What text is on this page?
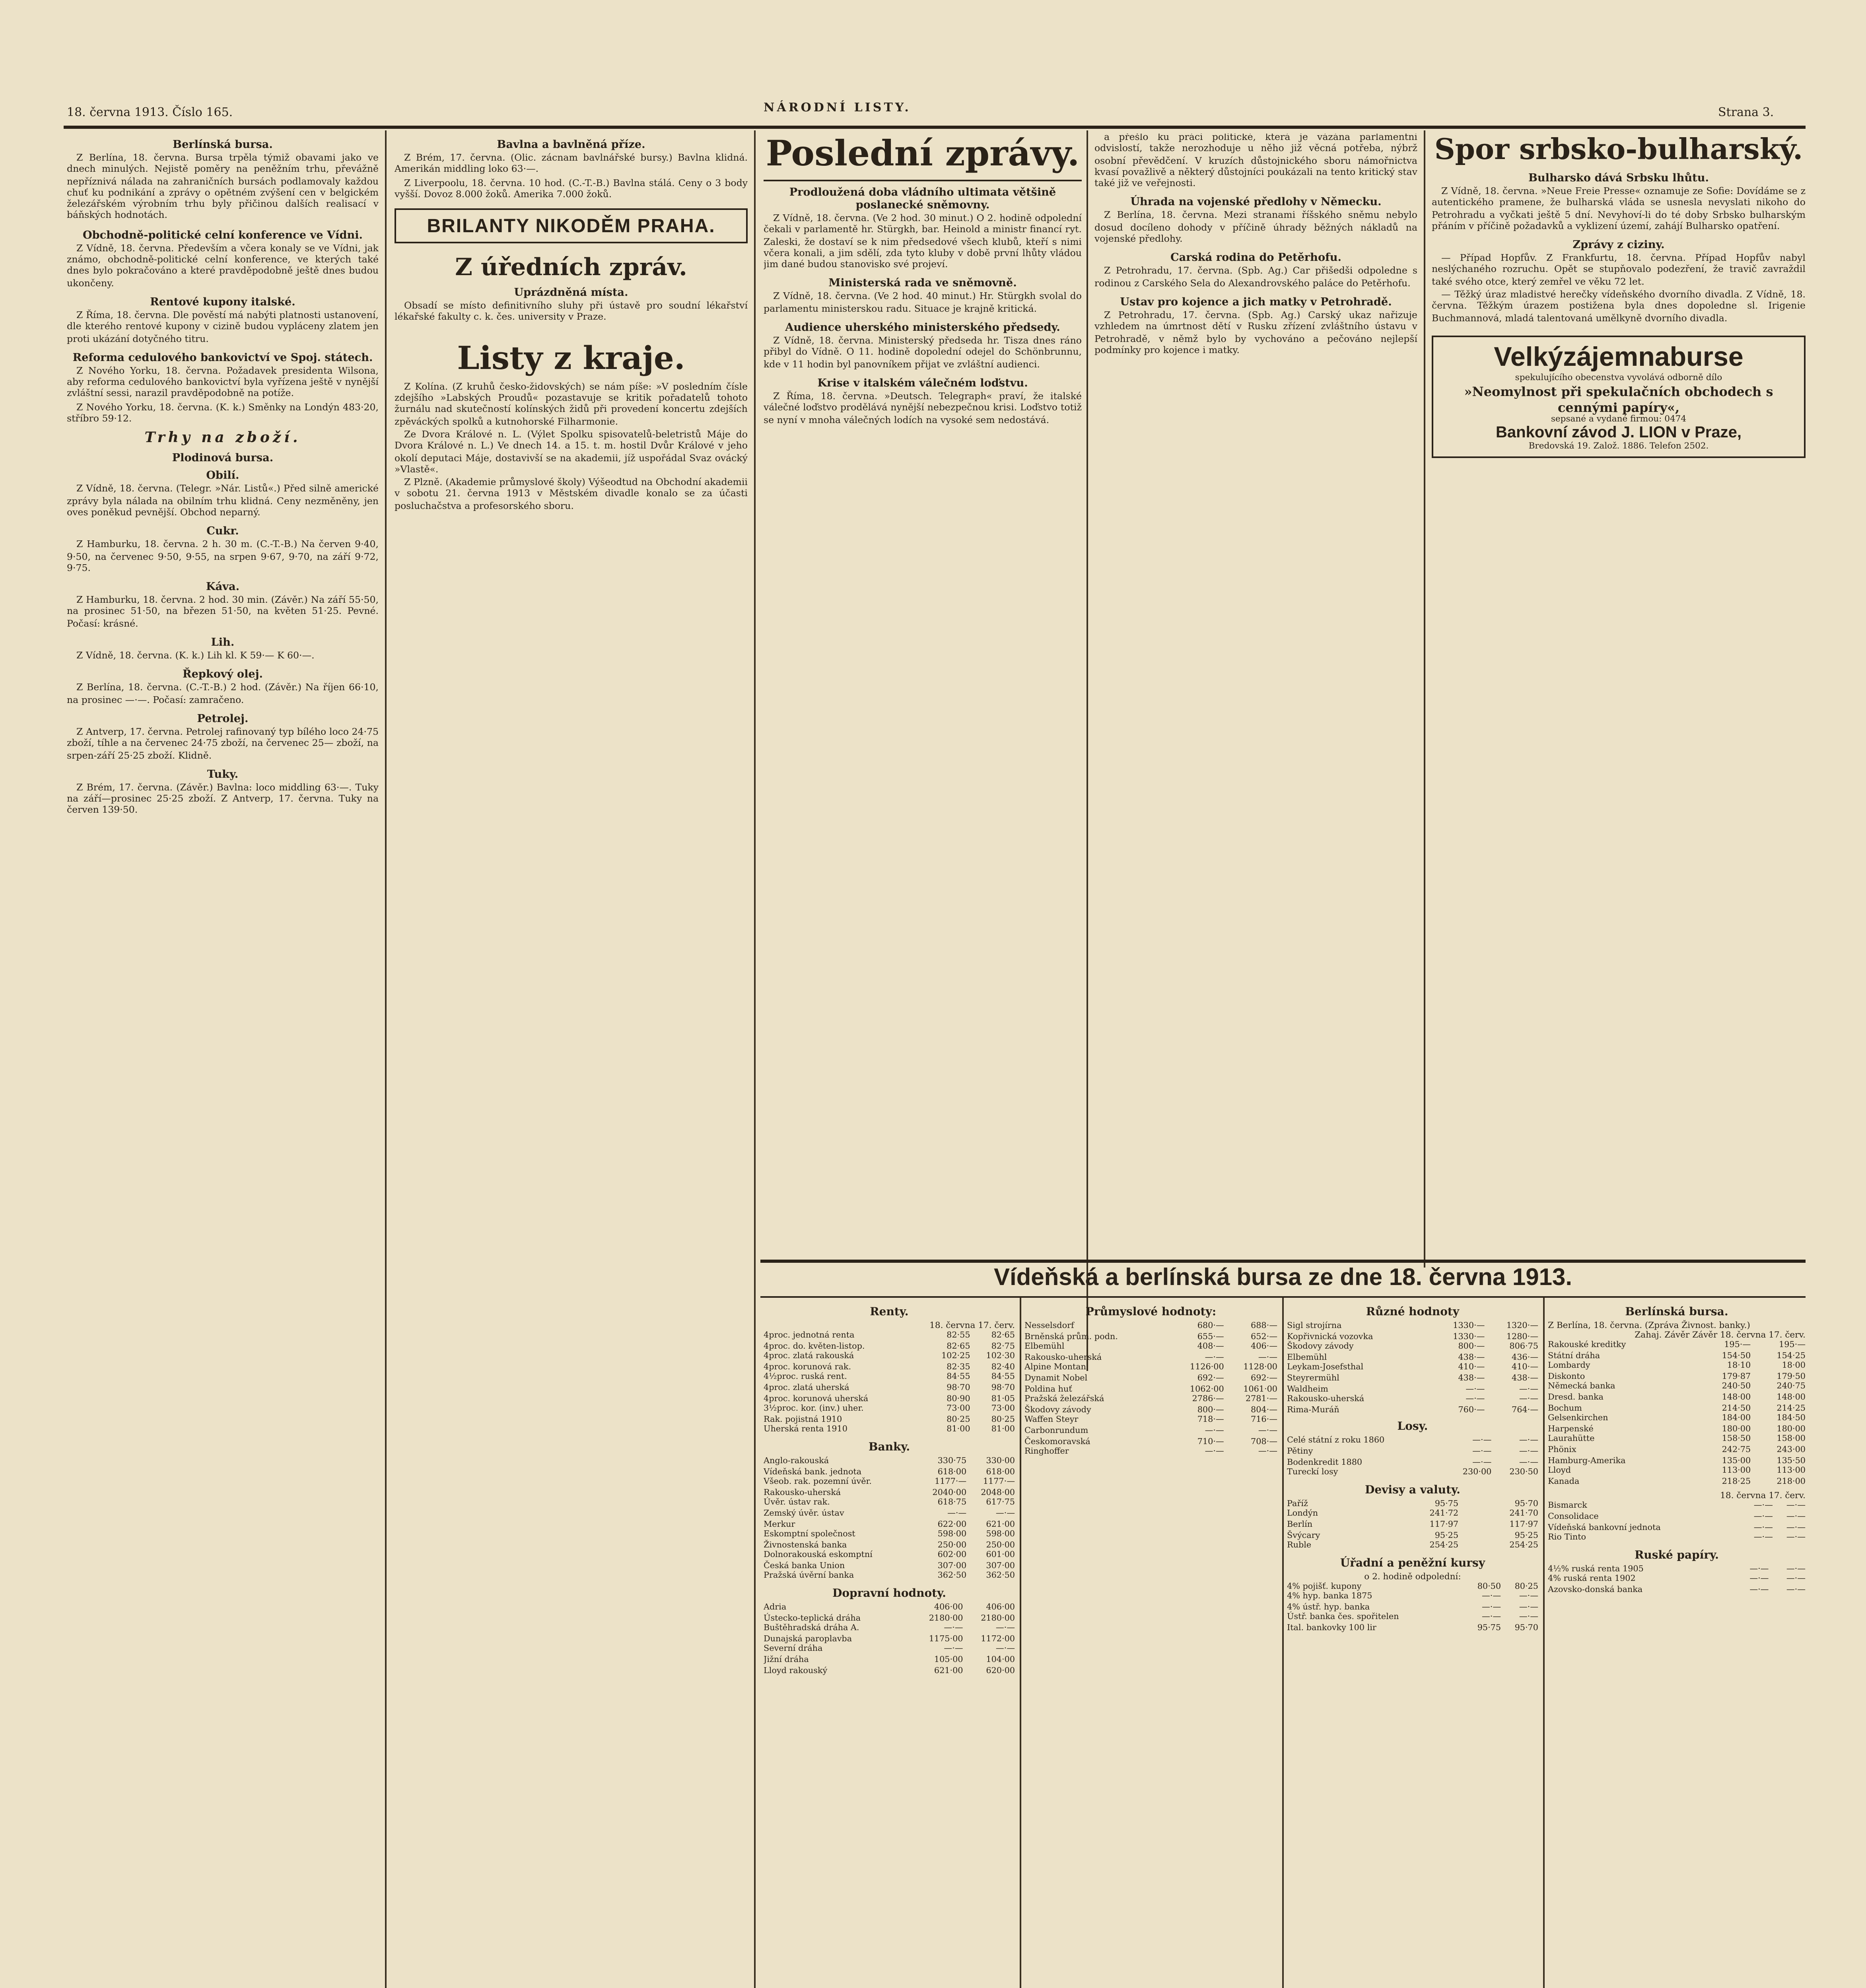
18. června 1913. Číslo 165.	NÁRODNÍ LISTY.	Strana 3.
Berlínská bursa.

Z Berlína, 18. června. Bursa trpěla týmiž obavami jako ve dnech minulých. Nejistě poměry na peněžním trhu, převážně nepříznivá nálada na zahraničních bursách podlamovaly každou chuť ku podnikání a zprávy o opětném zvýšení cen v belgickém železářském výrobním trhu byly přičinou dalších realisací v báňských hodnotách.

Obchodně-politické celní konference ve Vídni.

Z Vídně, 18. června. Především a včera konaly se ve Vídni, jak známo, obchodně-politické celní konference, ve kterých také dnes bylo pokračováno a které pravděpodobně ještě dnes budou ukončeny.

Rentové kupony italské.

Z Říma, 18. června. Dle pověstí má nabýti platnosti ustanovení, dle kterého rentové kupony v cizině budou vypláceny zlatem jen proti ukázání dotyčného titru.

Reforma cedulového bankovictví ve Spoj. státech.

Z Nového Yorku, 18. června. Požadavek presidenta Wilsona, aby reforma cedulového bankovictví byla vyřízena ještě v nynější zvláštní sessi, narazil pravděpodobně na potíže.

Z Nového Yorku, 18. června. (K. k.) Směnky na Londýn 483·20, stříbro 59·12.

Trhy na zboží.
Plodinová bursa.
Obilí.

Z Vídně, 18. června. (Telegr. »Nár. Listů«.) Před silně americké zprávy byla nálada na obilním trhu klidná. Ceny nezměněny, jen oves poněkud pevnější. Obchod neparný.

Cukr.

Z Hamburku, 18. června. 2 h. 30 m. (C.-T.-B.) Na červen 9·40, 9·50, na červenec 9·50, 9·55, na srpen 9·67, 9·70, na září 9·72, 9·75.

Káva.

Z Hamburku, 18. června. 2 hod. 30 min. (Závěr.) Na září 55·50, na prosinec 51·50, na březen 51·50, na květen 51·25. Pevné. Počasí: krásné.

Lih.

Z Vídně, 18. června. (K. k.) Lih kl. K 59·— K 60·—.

Řepkový olej.

Z Berlína, 18. června. (C.-T.-B.) 2 hod. (Závěr.) Na říjen 66·10, na prosinec —·—. Počasí: zamračeno.

Petrolej.

Z Antverp, 17. června. Petrolej rafinovaný typ bílého loco 24·75 zboží, tíhle a na červenec 24·75 zboží, na červenec 25— zboží, na srpen-září 25·25 zboží. Klidně.

Tuky.

Z Brém, 17. června. (Závěr.) Bavlna: loco middling 63·—. Tuky na září—prosinec 25·25 zboží. Z Antverp, 17. června. Tuky na červen 139·50.

Bavlna a bavlněná příze.

Z Brém, 17. června. (Olic. zácnam bavlnářské bursy.) Bavlna klidná. Amerikán middling loko 63·—.

Z Liverpoolu, 18. června. 10 hod. (C.-T.-B.) Bavlna stálá. Ceny o 3 body vyšší. Dovoz 8.000 žoků. Amerika 7.000 žoků.

BRILANTY NIKODĚM PRAHA.
Z úředních zpráv.
Uprázdněná místa.

Obsadí se místo definitivního sluhy při ústavě pro soudní lékařství lékařské fakulty c. k. čes. university v Praze.

Listy z kraje.

Z Kolína. (Z kruhů česko-židovských) se nám píše: »V posledním čísle zdejšího »Labských Proudů« pozastavuje se kritik pořadatelů tohoto žurnálu nad skutečností kolínských židů při provedení koncertu zdejších zpěváckých spolků a kutnohorské Filharmonie.

Ze Dvora Králové n. L. (Výlet Spolku spisovatelů-beletristů Máje do Dvora Králové n. L.) Ve dnech 14. a 15. t. m. hostil Dvůr Králové v jeho okolí deputaci Máje, dostavivší se na akademii, jíž uspořádal Svaz ovácký »Vlastě«.

Z Plzně. (Akademie průmyslové školy) Výšeodtud na Obchodní akademii v sobotu 21. června 1913 v Městském divadle konalo se za účasti posluchačstva a profesorského sboru.

Poslední zprávy.
Prodloužená doba vládního ultimata většině poslanecké sněmovny.

Z Vídně, 18. června. (Ve 2 hod. 30 minut.) O 2. hodině odpolední čekali v parlamentě hr. Stürgkh, bar. Heinold a ministr financí ryt. Zaleski, že dostaví se k nim předsedové všech klubů, kteří s nimi včera konali, a jim sdělí, zda tyto kluby v době první lhůty vládou jim dané budou stanovisko své projeví.

Ministerská rada ve sněmovně.

Z Vídně, 18. června. (Ve 2 hod. 40 minut.) Hr. Stürgkh svolal do parlamentu ministerskou radu. Situace je krajně kritická.

Audience uherského ministerského předsedy.

Z Vídně, 18. června. Ministerský předseda hr. Tisza dnes ráno přibyl do Vídně. O 11. hodině dopolední odejel do Schönbrunnu, kde v 11 hodin byl panovníkem přijat ve zvláštní audienci.

Krise v italském válečném loďstvu.

Z Říma, 18. června. »Deutsch. Telegraph« praví, že italské válečné loďstvo prodělává nynější nebezpečnou krisi. Loďstvo totiž se nyní v mnoha válečných lodích na vysoké sem nedostává.

a přešlo ku práci politické, která je vázána parlamentní odvislostí, takže nerozhoduje u něho již věcná potřeba, nýbrž osobní převědčení. V kruzích důstojnického sboru námořnictva kvasí považlivě a některý důstojníci poukázali na tento kritický stav také již ve veřejnosti.

Úhrada na vojenské předlohy v Německu.

Z Berlína, 18. června. Mezi stranami říšského sněmu nebylo dosud docíleno dohody v příčině úhrady běžných nákladů na vojenské předlohy.

Carská rodina do Petěrhofu.

Z Petrohradu, 17. června. (Spb. Ag.) Car přišedši odpoledne s rodinou z Carského Sela do Alexandrovského paláce do Petěrhofu.

Ustav pro kojence a jich matky v Petrohradě.

Z Petrohradu, 17. června. (Spb. Ag.) Carský ukaz nařizuje vzhledem na úmrtnost dětí v Rusku zřízení zvláštního ústavu v Petrohradě, v němž bylo by vychováno a pečováno nejlepší podmínky pro kojence i matky.

Spor srbsko-bulharský.
Bulharsko dává Srbsku lhůtu.

Z Vídně, 18. června. »Neue Freie Presse« oznamuje ze Sofie: Dovídáme se z autentického pramene, že bulharská vláda se usnesla nevyslati nikoho do Petrohradu a vyčkati ještě 5 dní. Nevyhoví-li do té doby Srbsko bulharským přáním v příčině požadavků a vyklizení území, zahájí Bulharsko opatření.

Zprávy z ciziny.

— Případ Hopfův. Z Frankfurtu, 18. června. Případ Hopfův nabyl neslýchaného rozruchu. Opět se stupňovalo podezření, že travič zavraždil také svého otce, který zemřel ve věku 72 let.

— Těžký úraz mladistvé herečky vídeňského dvorního divadla. Z Vídně, 18. června. Těžkým úrazem postižena byla dnes dopoledne sl. Irigenie Buchmannová, mladá talentovaná umělkyně dvorního divadla.

Velkýzájemnaburse
spekulujícího obecenstva vyvolává odborně dílo
»Neomylnost při spekulačních obchodech s cennými papíry«,
sepsané a vydané firmou: 0474
Bankovní závod J. LION v Praze,
Bredovská 19. Založ. 1886. Telefon 2502.
Vídeňská a berlínská bursa ze dne 18. června 1913.
Renty.
18. června 17. červ.
4proc. jednotná renta	82·55	82·65
4proc. do. květen-listop.	82·65	82·75
4proc. zlatá rakouská	102·25	102·30
4proc. korunová rak.	82·35	82·40
4½proc. ruská rent.	84·55	84·55
4proc. zlatá uherská	98·70	98·70
4proc. korunová uherská	80·90	81·05
3½proc. kor. (inv.) uher.	73·00	73·00
Rak. pojistná 1910	80·25	80·25
Uherská renta 1910	81·00	81·00
Banky.
Anglo-rakouská	330·75	330·00
Vídeňská bank. jednota	618·00	618·00
Všeob. rak. pozemní úvěr.	1177·—	1177·—
Rakousko-uherská	2040·00	2048·00
Úvěr. ústav rak.	618·75	617·75
Zemský úvěr. ústav	—·—	—·—
Merkur	622·00	621·00
Eskomptní společnost	598·00	598·00
Živnostenská banka	250·00	250·00
Dolnorakouská eskomptní	602·00	601·00
Česká banka Union	307·00	307·00
Pražská úvěrní banka	362·50	362·50
Dopravní hodnoty.
Adria	406·00	406·00
Ústecko-teplická dráha	2180·00	2180·00
Buštěhradská dráha A.	—·—	—·—
Dunajská paroplavba	1175·00	1172·00
Severní dráha	—·—	—·—
Jižní dráha	105·00	104·00
Lloyd rakouský	621·00	620·00
Průmyslové hodnoty:
Nesselsdorf	680·—	688·—
Brněnská prům. podn.	655·—	652·—
Elbemühl	408·—	406·—
Rakousko-uherská	—·—	—·—
Alpine Montan	1126·00	1128·00
Dynamit Nobel	692·—	692·—
Poldina huť	1062·00	1061·00
Pražská železářská	2786·—	2781·—
Škodovy závody	800·—	804·—
Waffen Steyr	718·—	716·—
Carbonrundum	—·—	—·—
Českomoravská	710·—	708·—
Ringhoffer	—·—	—·—
Různé hodnoty
Sigl strojírna	1330·—	1320·—
Kopřivnická vozovka	1330·—	1280·—
Škodovy závody	800·—	806·75
Elbemühl	438·—	436·—
Leykam-Josefsthal	410·—	410·—
Steyrermühl	438·—	438·—
Waldheim	—·—	—·—
Rakousko-uherská	—·—	—·—
Rima-Muráň	760·—	764·—
Losy.
Celé státní z roku 1860	—·—	—·—
Pětiny	—·—	—·—
Bodenkredit 1880	—·—	—·—
Tureckí losy	230·00	230·50
Devisy a valuty.
Paříž	95·75	95·70
Londýn	241·72	241·70
Berlín	117·97	117·97
Švýcary	95·25	95·25
Ruble	254·25	254·25
Úřadní a peněžní kursy
o 2. hodině odpolední:
4% pojišť. kupony	80·50	80·25
4% hyp. banka 1875	—·—	—·—
4% ústř. hyp. banka	—·—	—·—
Ústř. banka čes. spořitelen	—·—	—·—
Ital. bankovky 100 lir	95·75	95·70
Berlínská bursa.
Z Berlína, 18. června. (Zpráva Živnost. banky.)
Zahaj. Závěr Závěr 18. června 17. červ.
Rakouské kreditky	195·—	195·—
Státní dráha	154·50	154·25
Lombardy	18·10	18·00
Diskonto	179·87	179·50
Německá banka	240·50	240·75
Dresd. banka	148·00	148·00
Bochum	214·50	214·25
Gelsenkirchen	184·00	184·50
Harpenské	180·00	180·00
Laurahütte	158·50	158·00
Phönix	242·75	243·00
Hamburg-Amerika	135·00	135·50
Lloyd	113·00	113·00
Kanada	218·25	218·00
18. června 17. červ.
Bismarck	—·—	—·—
Consolidace	—·—	—·—
Vídeňská bankovní jednota	—·—	—·—
Rio Tinto	—·—	—·—
Ruské papíry.
4½% ruská renta 1905	—·—	—·—
4% ruská renta 1902	—·—	—·—
Azovsko-donská banka	—·—	—·—
